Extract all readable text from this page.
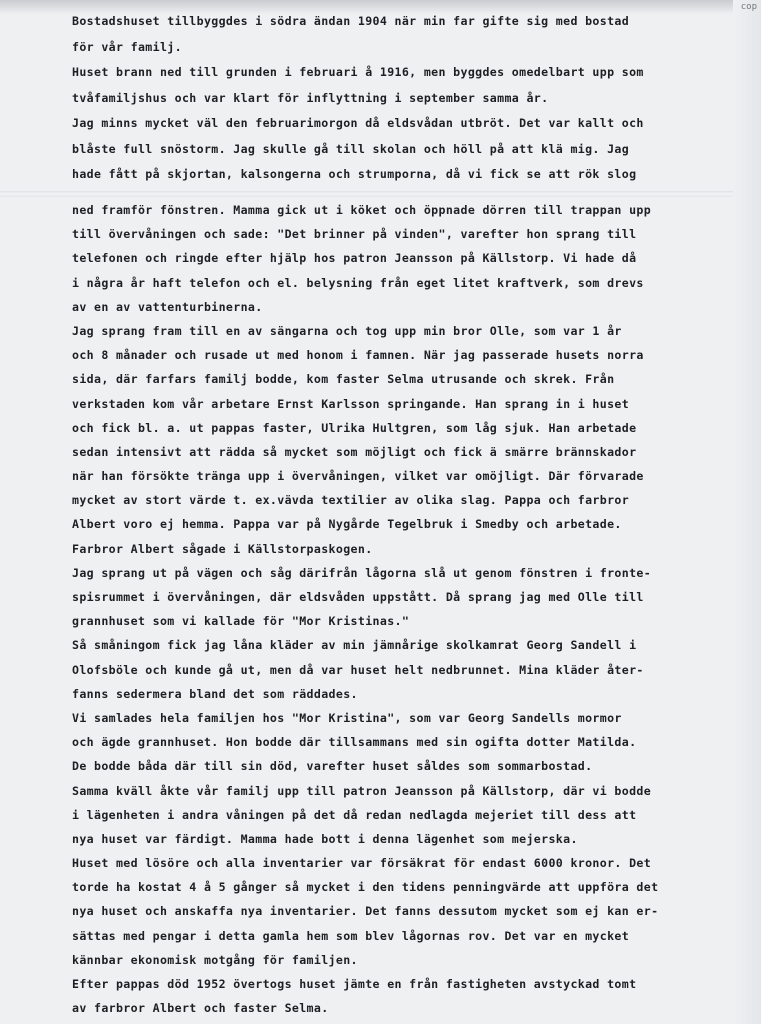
cop
Bostadshuset tillbyggdes i södra ändan 1904 när min far gifte sig med bostad
för vår familj.
Huset brann ned till grunden i februari å 1916, men byggdes omedelbart upp som
tvåfamiljshus och var klart för inflyttning i september samma år.
Jag minns mycket väl den februarimorgon då eldsvådan utbröt. Det var kallt och
blåste full snöstorm. Jag skulle gå till skolan och höll på att klä mig. Jag
hade fått på skjortan, kalsongerna och strumporna, då vi fick se att rök slog
ned framför fönstren. Mamma gick ut i köket och öppnade dörren till trappan upp
till övervåningen och sade: "Det brinner på vinden", varefter hon sprang till
telefonen och ringde efter hjälp hos patron Jeansson på Källstorp. Vi hade då
i några år haft telefon och el. belysning från eget litet kraftverk, som drevs
av en av vattenturbinerna.
Jag sprang fram till en av sängarna och tog upp min bror Olle, som var 1 år
och 8 månader och rusade ut med honom i famnen. När jag passerade husets norra
sida, där farfars familj bodde, kom faster Selma utrusande och skrek. Från
verkstaden kom vår arbetare Ernst Karlsson springande. Han sprang in i huset
och fick bl. a. ut pappas faster, Ulrika Hultgren, som låg sjuk. Han arbetade
sedan intensivt att rädda så mycket som möjligt och fick ä smärre brännskador
när han försökte tränga upp i övervåningen, vilket var omöjligt. Där förvarade
mycket av stort värde t. ex.vävda textilier av olika slag. Pappa och farbror
Albert voro ej hemma. Pappa var på Nygårde Tegelbruk i Smedby och arbetade.
Farbror Albert sågade i Källstorpaskogen.
Jag sprang ut på vägen och såg därifrån lågorna slå ut genom fönstren i fronte-
spisrummet i övervåningen, där eldsvåden uppstått. Då sprang jag med Olle till
grannhuset som vi kallade för "Mor Kristinas."
Så småningom fick jag låna kläder av min jämnårige skolkamrat Georg Sandell i
Olofsböle och kunde gå ut, men då var huset helt nedbrunnet. Mina kläder åter-
fanns sedermera bland det som räddades.
Vi samlades hela familjen hos "Mor Kristina", som var Georg Sandells mormor
och ägde grannhuset. Hon bodde där tillsammans med sin ogifta dotter Matilda.
De bodde båda där till sin död, varefter huset såldes som sommarbostad.
Samma kväll åkte vår familj upp till patron Jeansson på Källstorp, där vi bodde
i lägenheten i andra våningen på det då redan nedlagda mejeriet till dess att
nya huset var färdigt. Mamma hade bott i denna lägenhet som mejerska.
Huset med lösöre och alla inventarier var försäkrat för endast 6000 kronor. Det
torde ha kostat 4 å 5 gånger så mycket i den tidens penningvärde att uppföra det
nya huset och anskaffa nya inventarier. Det fanns dessutom mycket som ej kan er-
sättas med pengar i detta gamla hem som blev lågornas rov. Det var en mycket
kännbar ekonomisk motgång för familjen.
Efter pappas död 1952 övertogs huset jämte en från fastigheten avstyckad tomt
av farbror Albert och faster Selma.
